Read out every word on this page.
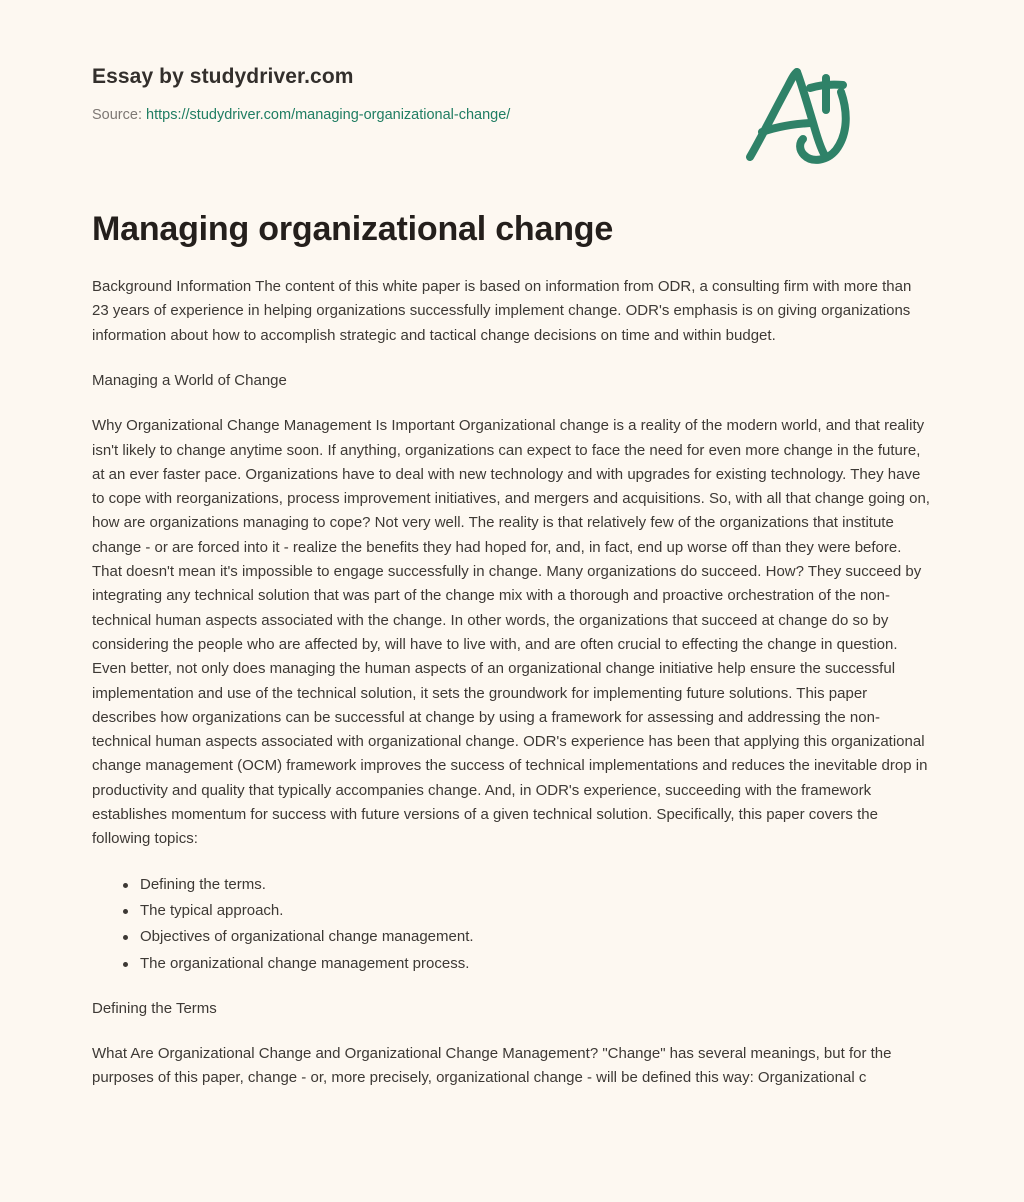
Essay by studydriver.com
Source: https://studydriver.com/managing-organizational-change/
Managing organizational change

Background Information The content of this white paper is based on information from ODR, a consulting firm with more than 23 years of experience in helping organizations successfully implement change. ODR's emphasis is on giving organizations information about how to accomplish strategic and tactical change decisions on time and within budget.

Managing a World of Change

Why Organizational Change Management Is Important Organizational change is a reality of the modern world, and that reality isn't likely to change anytime soon. If anything, organizations can expect to face the need for even more change in the future, at an ever faster pace. Organizations have to deal with new technology and with upgrades for existing technology. They have to cope with reorganizations, process improvement initiatives, and mergers and acquisitions. So, with all that change going on, how are organizations managing to cope? Not very well. The reality is that relatively few of the organizations that institute change - or are forced into it - realize the benefits they had hoped for, and, in fact, end up worse off than they were before. That doesn't mean it's impossible to engage successfully in change. Many organizations do succeed. How? They succeed by integrating any technical solution that was part of the change mix with a thorough and proactive orchestration of the non-technical human aspects associated with the change. In other words, the organizations that succeed at change do so by considering the people who are affected by, will have to live with, and are often crucial to effecting the change in question. Even better, not only does managing the human aspects of an organizational change initiative help ensure the successful implementation and use of the technical solution, it sets the groundwork for implementing future solutions. This paper describes how organizations can be successful at change by using a framework for assessing and addressing the non-technical human aspects associated with organizational change. ODR's experience has been that applying this organizational change management (OCM) framework improves the success of technical implementations and reduces the inevitable drop in productivity and quality that typically accompanies change. And, in ODR's experience, succeeding with the framework establishes momentum for success with future versions of a given technical solution. Specifically, this paper covers the following topics:

Defining the terms.
The typical approach.
Objectives of organizational change management.
The organizational change management process.

Defining the Terms

What Are Organizational Change and Organizational Change Management? "Change" has several meanings, but for the purposes of this paper, change - or, more precisely, organizational change - will be defined this way: Organizational c
